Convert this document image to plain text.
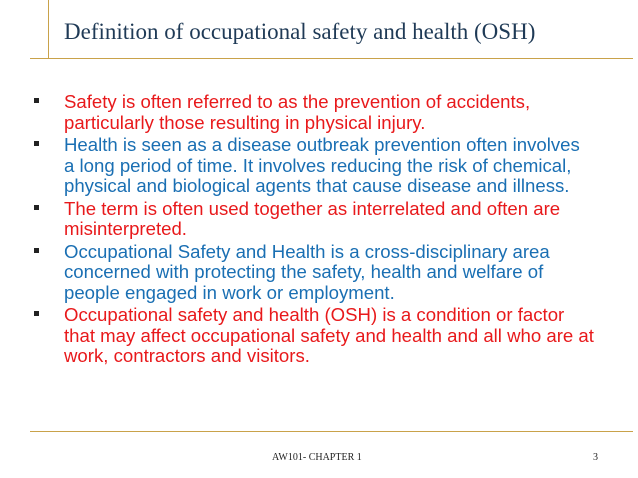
Definition of occupational safety and health (OSH)
Safety is often referred to as the prevention of accidents, particularly those resulting in physical injury.
Health is seen as a disease outbreak prevention often involves a long period of time. It involves reducing the risk of chemical, physical and biological agents that cause disease and illness.
The term is often used together as interrelated and often are misinterpreted.
Occupational Safety and Health is a cross-disciplinary area concerned with protecting the safety, health and welfare of people engaged in work or employment.
Occupational safety and health (OSH) is a condition or factor that may affect occupational safety and health and all who are at work, contractors and visitors.
AW101- CHAPTER 1	3
